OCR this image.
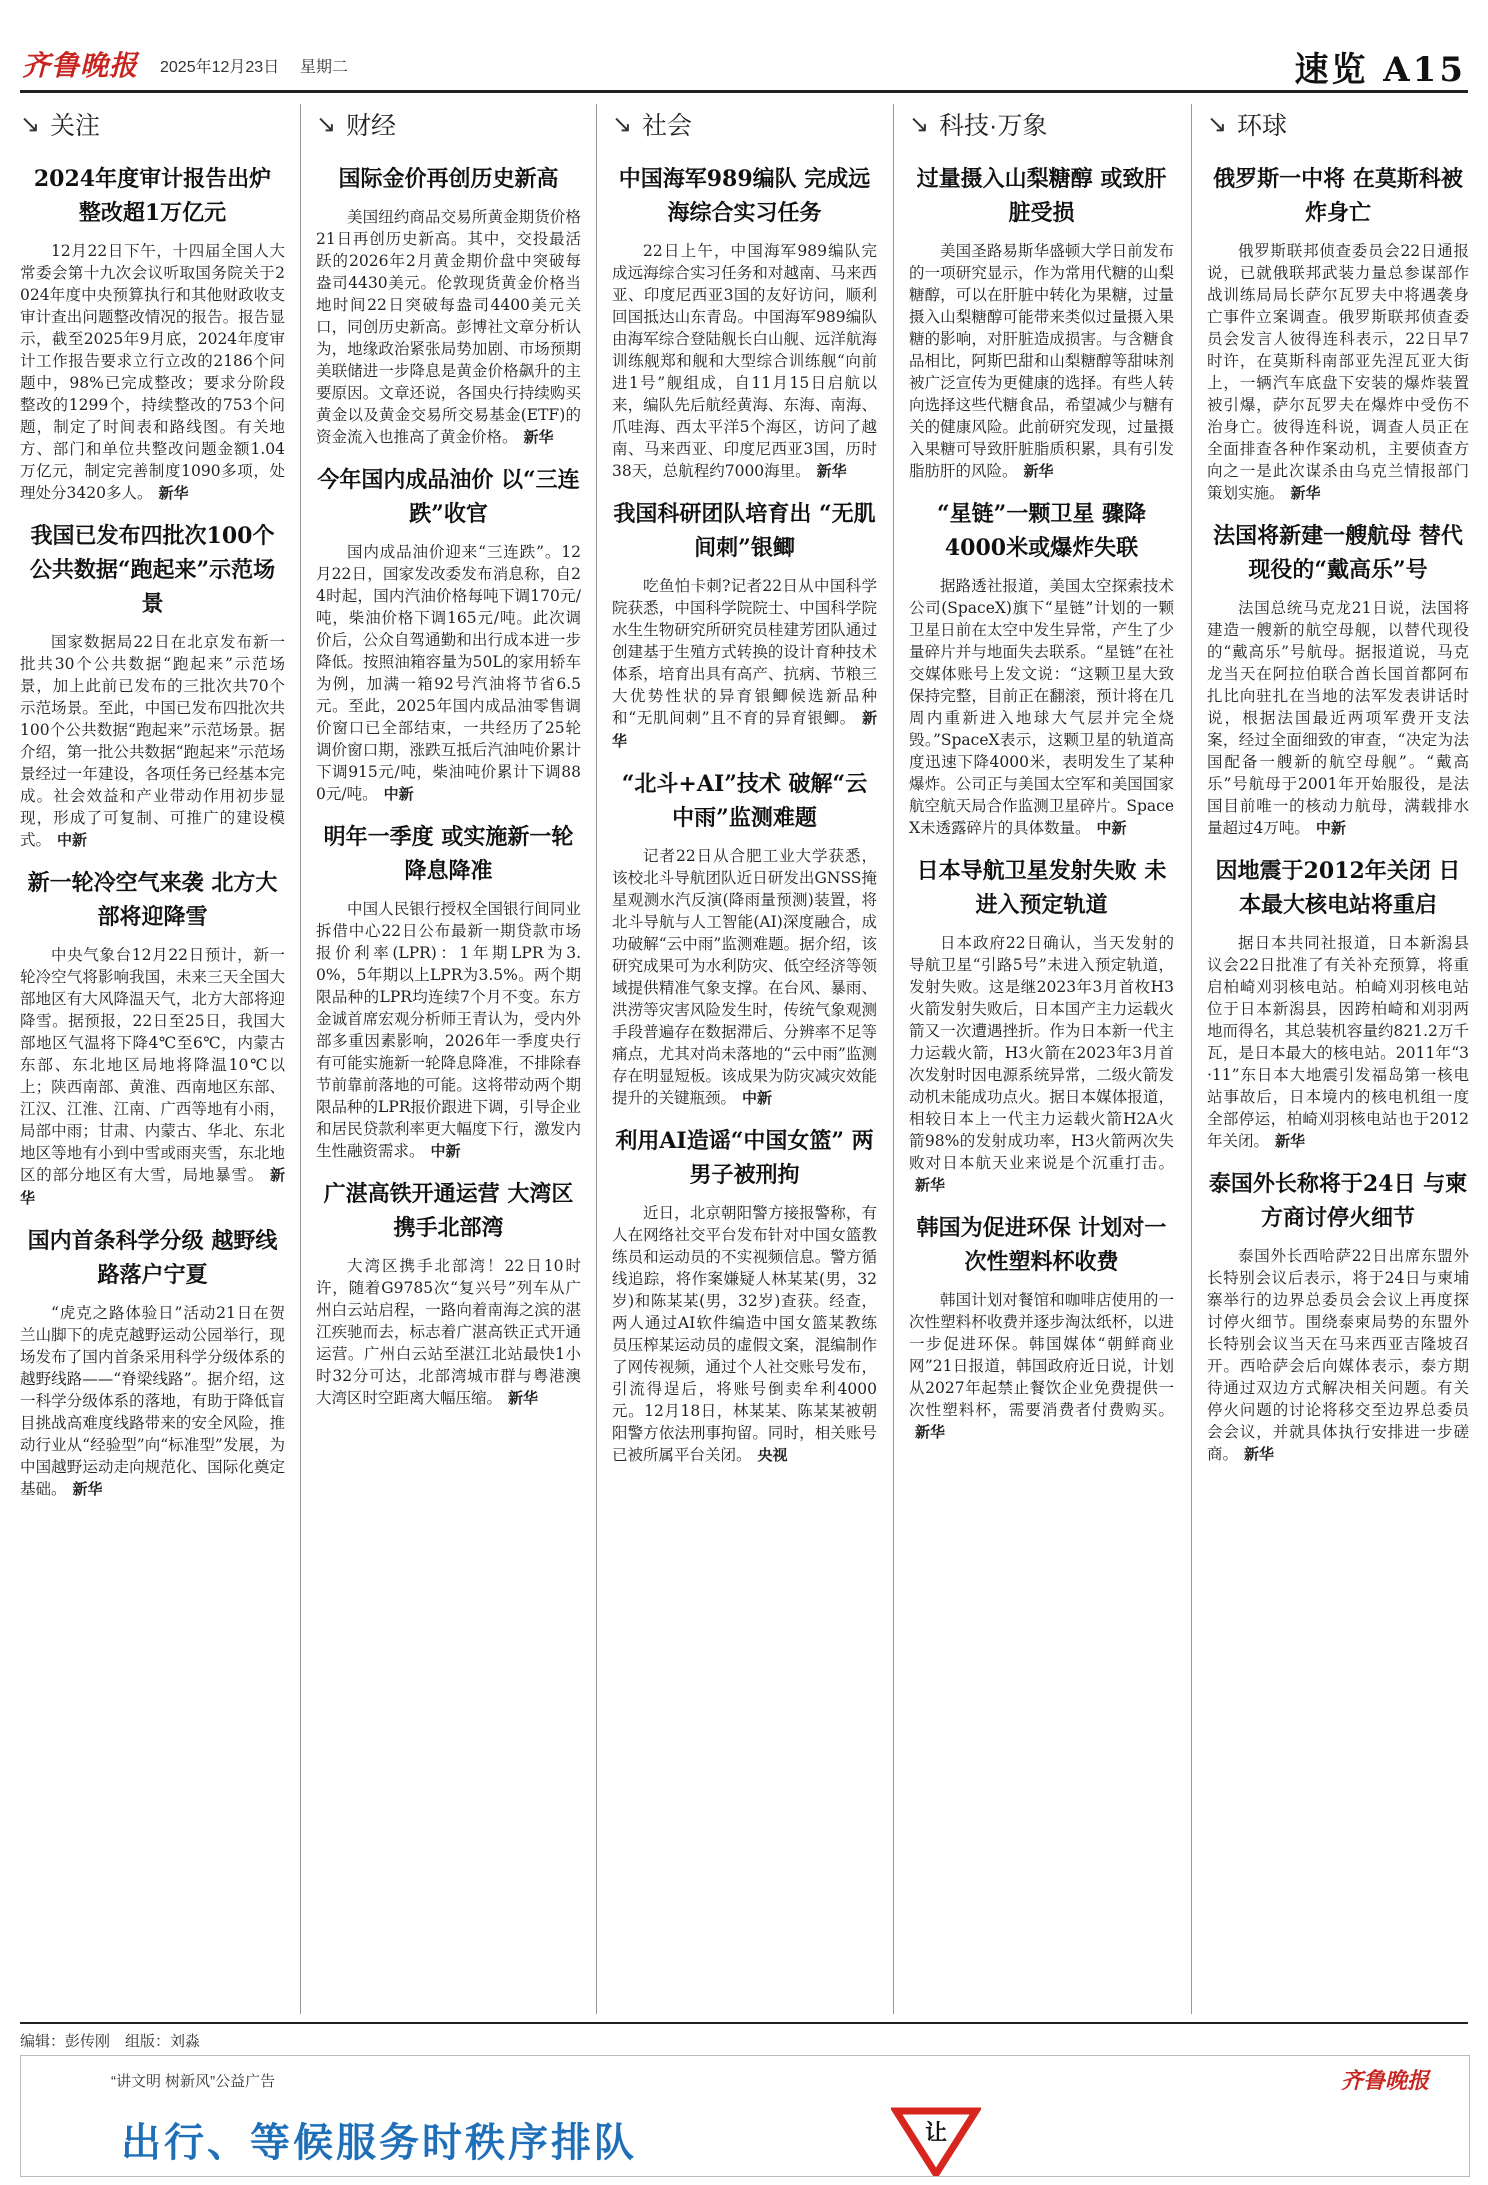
齐鲁晚报 2025年12月23日 星期二	速览 A15
↘ 关注
2024年度审计报告出炉 整改超1万亿元

12月22日下午，十四届全国人大常委会第十九次会议听取国务院关于2024年度中央预算执行和其他财政收支审计查出问题整改情况的报告。报告显示，截至2025年9月底，2024年度审计工作报告要求立行立改的2186个问题中，98%已完成整改；要求分阶段整改的1299个，持续整改的753个问题，制定了时间表和路线图。有关地方、部门和单位共整改问题金额1.04万亿元，制定完善制度1090多项，处理处分3420多人。 新华

我国已发布四批次100个公共数据“跑起来”示范场景

国家数据局22日在北京发布新一批共30个公共数据“跑起来”示范场景，加上此前已发布的三批次共70个示范场景。至此，中国已发布四批次共100个公共数据“跑起来”示范场景。据介绍，第一批公共数据“跑起来”示范场景经过一年建设，各项任务已经基本完成。社会效益和产业带动作用初步显现，形成了可复制、可推广的建设模式。 中新

新一轮冷空气来袭 北方大部将迎降雪

中央气象台12月22日预计，新一轮冷空气将影响我国，未来三天全国大部地区有大风降温天气，北方大部将迎降雪。据预报，22日至25日，我国大部地区气温将下降4℃至6℃，内蒙古东部、东北地区局地将降温10℃以上；陕西南部、黄淮、西南地区东部、江汉、江淮、江南、广西等地有小雨，局部中雨；甘肃、内蒙古、华北、东北地区等地有小到中雪或雨夹雪，东北地区的部分地区有大雪，局地暴雪。 新华

国内首条科学分级 越野线路落户宁夏

“虎克之路体验日”活动21日在贺兰山脚下的虎克越野运动公园举行，现场发布了国内首条采用科学分级体系的越野线路——“脊梁线路”。据介绍，这一科学分级体系的落地，有助于降低盲目挑战高难度线路带来的安全风险，推动行业从“经验型”向“标准型”发展，为中国越野运动走向规范化、国际化奠定基础。 新华

↘ 财经
国际金价再创历史新高

美国纽约商品交易所黄金期货价格21日再创历史新高。其中，交投最活跃的2026年2月黄金期价盘中突破每盎司4430美元。伦敦现货黄金价格当地时间22日突破每盎司4400美元关口，同创历史新高。彭博社文章分析认为，地缘政治紧张局势加剧、市场预期美联储进一步降息是黄金价格飙升的主要原因。文章还说，各国央行持续购买黄金以及黄金交易所交易基金(ETF)的资金流入也推高了黄金价格。 新华

今年国内成品油价 以“三连跌”收官

国内成品油价迎来“三连跌”。12月22日，国家发改委发布消息称，自24时起，国内汽油价格每吨下调170元/吨，柴油价格下调165元/吨。此次调价后，公众自驾通勤和出行成本进一步降低。按照油箱容量为50L的家用轿车为例，加满一箱92号汽油将节省6.5元。至此，2025年国内成品油零售调价窗口已全部结束，一共经历了25轮调价窗口期，涨跌互抵后汽油吨价累计下调915元/吨，柴油吨价累计下调880元/吨。 中新

明年一季度 或实施新一轮降息降准

中国人民银行授权全国银行间同业拆借中心22日公布最新一期贷款市场报价利率(LPR)：1年期LPR为3.0%，5年期以上LPR为3.5%。两个期限品种的LPR均连续7个月不变。东方金诚首席宏观分析师王青认为，受内外部多重因素影响，2026年一季度央行有可能实施新一轮降息降准，不排除春节前靠前落地的可能。这将带动两个期限品种的LPR报价跟进下调，引导企业和居民贷款利率更大幅度下行，激发内生性融资需求。 中新

广湛高铁开通运营 大湾区携手北部湾

大湾区携手北部湾！22日10时许，随着G9785次“复兴号”列车从广州白云站启程，一路向着南海之滨的湛江疾驰而去，标志着广湛高铁正式开通运营。广州白云站至湛江北站最快1小时32分可达，北部湾城市群与粤港澳大湾区时空距离大幅压缩。 新华

↘ 社会
中国海军989编队 完成远海综合实习任务

22日上午，中国海军989编队完成远海综合实习任务和对越南、马来西亚、印度尼西亚3国的友好访问，顺利回国抵达山东青岛。中国海军989编队由海军综合登陆舰长白山舰、远洋航海训练舰郑和舰和大型综合训练舰“向前进1号”舰组成，自11月15日启航以来，编队先后航经黄海、东海、南海、爪哇海、西太平洋5个海区，访问了越南、马来西亚、印度尼西亚3国，历时38天，总航程约7000海里。 新华

我国科研团队培育出 “无肌间刺”银鲫

吃鱼怕卡刺?记者22日从中国科学院获悉，中国科学院院士、中国科学院水生生物研究所研究员桂建芳团队通过创建基于生殖方式转换的设计育种技术体系，培育出具有高产、抗病、节粮三大优势性状的异育银鲫候选新品种和“无肌间刺”且不育的异育银鲫。 新华

“北斗+AI”技术 破解“云中雨”监测难题

记者22日从合肥工业大学获悉，该校北斗导航团队近日研发出GNSS掩星观测水汽反演(降雨量预测)装置，将北斗导航与人工智能(AI)深度融合，成功破解“云中雨”监测难题。据介绍，该研究成果可为水利防灾、低空经济等领域提供精准气象支撑。在台风、暴雨、洪涝等灾害风险发生时，传统气象观测手段普遍存在数据滞后、分辨率不足等痛点，尤其对尚未落地的“云中雨”监测存在明显短板。该成果为防灾减灾效能提升的关键瓶颈。 中新

利用AI造谣“中国女篮” 两男子被刑拘

近日，北京朝阳警方接报警称，有人在网络社交平台发布针对中国女篮教练员和运动员的不实视频信息。警方循线追踪，将作案嫌疑人林某某(男，32岁)和陈某某(男，32岁)查获。经查，两人通过AI软件编造中国女篮某教练员压榨某运动员的虚假文案，混编制作了网传视频，通过个人社交账号发布，引流得逞后，将账号倒卖牟利4000元。12月18日，林某某、陈某某被朝阳警方依法刑事拘留。同时，相关账号已被所属平台关闭。 央视

↘ 科技·万象
过量摄入山梨糖醇 或致肝脏受损

美国圣路易斯华盛顿大学日前发布的一项研究显示，作为常用代糖的山梨糖醇，可以在肝脏中转化为果糖，过量摄入山梨糖醇可能带来类似过量摄入果糖的影响，对肝脏造成损害。与含糖食品相比，阿斯巴甜和山梨糖醇等甜味剂被广泛宣传为更健康的选择。有些人转向选择这些代糖食品，希望减少与糖有关的健康风险。此前研究发现，过量摄入果糖可导致肝脏脂质积累，具有引发脂肪肝的风险。 新华

“星链”一颗卫星 骤降4000米或爆炸失联

据路透社报道，美国太空探索技术公司(SpaceX)旗下“星链”计划的一颗卫星日前在太空中发生异常，产生了少量碎片并与地面失去联系。“星链”在社交媒体账号上发文说：“这颗卫星大致保持完整，目前正在翻滚，预计将在几周内重新进入地球大气层并完全烧毁。”SpaceX表示，这颗卫星的轨道高度迅速下降4000米，表明发生了某种爆炸。公司正与美国太空军和美国国家航空航天局合作监测卫星碎片。SpaceX未透露碎片的具体数量。 中新

日本导航卫星发射失败 未进入预定轨道

日本政府22日确认，当天发射的导航卫星“引路5号”未进入预定轨道，发射失败。这是继2023年3月首枚H3火箭发射失败后，日本国产主力运载火箭又一次遭遇挫折。作为日本新一代主力运载火箭，H3火箭在2023年3月首次发射时因电源系统异常，二级火箭发动机未能成功点火。据日本媒体报道，相较日本上一代主力运载火箭H2A火箭98%的发射成功率，H3火箭两次失败对日本航天业来说是个沉重打击。新华

韩国为促进环保 计划对一次性塑料杯收费

韩国计划对餐馆和咖啡店使用的一次性塑料杯收费并逐步淘汰纸杯，以进一步促进环保。韩国媒体“朝鲜商业网”21日报道，韩国政府近日说，计划从2027年起禁止餐饮企业免费提供一次性塑料杯，需要消费者付费购买。新华

↘ 环球
俄罗斯一中将 在莫斯科被炸身亡

俄罗斯联邦侦查委员会22日通报说，已就俄联邦武装力量总参谋部作战训练局局长萨尔瓦罗夫中将遇袭身亡事件立案调查。俄罗斯联邦侦查委员会发言人彼得连科表示，22日早7时许，在莫斯科南部亚先涅瓦亚大街上，一辆汽车底盘下安装的爆炸装置被引爆，萨尔瓦罗夫在爆炸中受伤不治身亡。彼得连科说，调查人员正在全面排查各种作案动机，主要侦查方向之一是此次谋杀由乌克兰情报部门策划实施。 新华

法国将新建一艘航母 替代现役的“戴高乐”号

法国总统马克龙21日说，法国将建造一艘新的航空母舰，以替代现役的“戴高乐”号航母。据报道说，马克龙当天在阿拉伯联合酋长国首都阿布扎比向驻扎在当地的法军发表讲话时说，根据法国最近两项军费开支法案，经过全面细致的审查，“决定为法国配备一艘新的航空母舰”。“戴高乐”号航母于2001年开始服役，是法国目前唯一的核动力航母，满载排水量超过4万吨。 中新

因地震于2012年关闭 日本最大核电站将重启

据日本共同社报道，日本新潟县议会22日批准了有关补充预算，将重启柏崎刈羽核电站。柏崎刈羽核电站位于日本新潟县，因跨柏崎和刈羽两地而得名，其总装机容量约821.2万千瓦，是日本最大的核电站。2011年“3·11”东日本大地震引发福岛第一核电站事故后，日本境内的核电机组一度全部停运，柏崎刈羽核电站也于2012年关闭。 新华

泰国外长称将于24日 与柬方商讨停火细节

泰国外长西哈萨22日出席东盟外长特别会议后表示，将于24日与柬埔寨举行的边界总委员会会议上再度探讨停火细节。围绕泰柬局势的东盟外长特别会议当天在马来西亚吉隆坡召开。西哈萨会后向媒体表示，泰方期待通过双边方式解决相关问题。有关停火问题的讨论将移交至边界总委员会会议，并就具体执行安排进一步磋商。 新华

编辑：彭传刚　组版：刘淼
“讲文明 树新风”公益广告	齐鲁晚报
出行、等候服务时秩序排队	让
